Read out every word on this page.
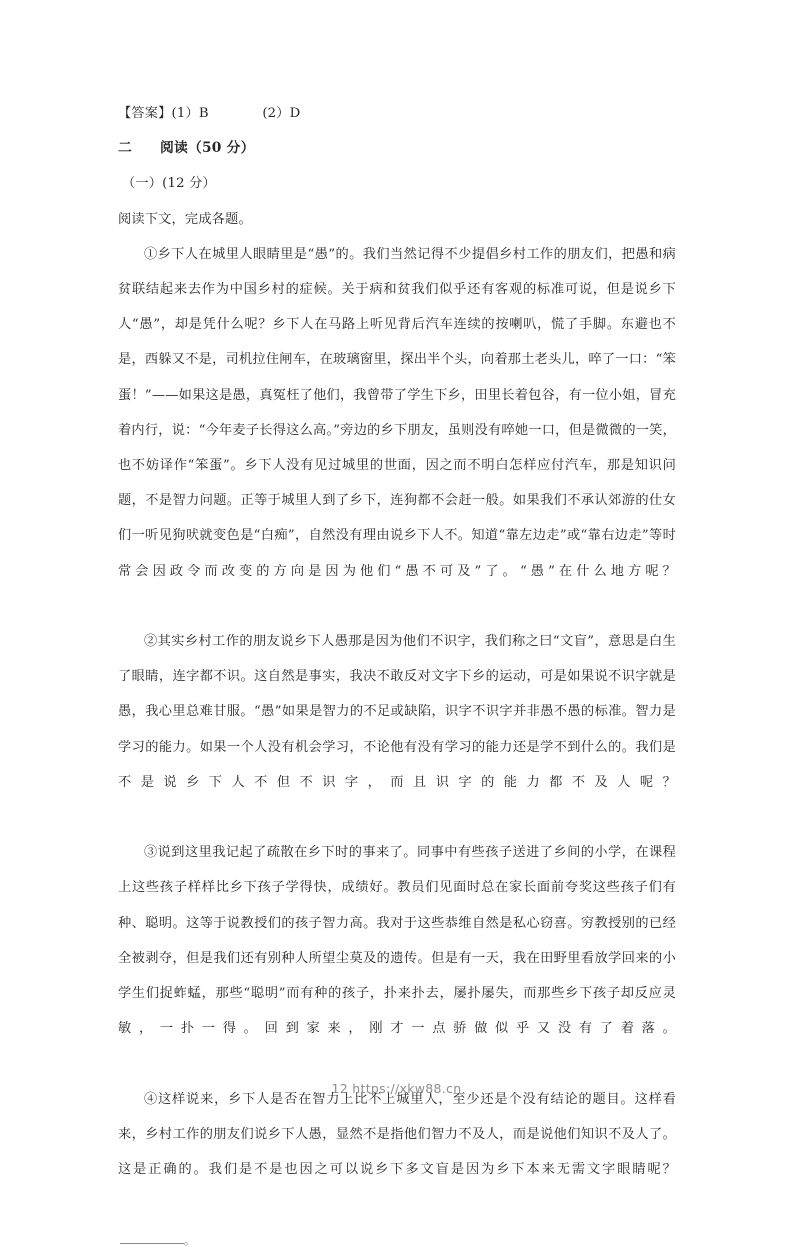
【答案】(1）B　　　　(2）D
二　　阅读（50 分）
（一）(12 分）
阅读下文，完成各题。

①乡下人在城里人眼睛里是“愚”的。我们当然记得不少提倡乡村工作的朋友们，把愚和病贫联结起来去作为中国乡村的症候。关于病和贫我们似乎还有客观的标准可说，但是说乡下人“愚”，却是凭什么呢？乡下人在马路上听见背后汽车连续的按喇叭，慌了手脚。东避也不是，西躲又不是，司机拉住闸车，在玻璃窗里，探出半个头，向着那土老头儿，啐了一口：“笨蛋！”——如果这是愚，真冤枉了他们，我曾带了学生下乡，田里长着包谷，有一位小姐，冒充着内行，说：“今年麦子长得这么高。”旁边的乡下朋友，虽则没有啐她一口，但是微微的一笑，也不妨译作“笨蛋”。乡下人没有见过城里的世面，因之而不明白怎样应付汽车，那是知识问题，不是智力问题。正等于城里人到了乡下，连狗都不会赶一般。如果我们不承认郊游的仕女们一听见狗吠就变色是“白痴”，自然没有理由说乡下人不。知道“靠左边走”或“靠右边走”等时常会因政令而改变的方向是因为他们“愚不可及”了。“愚”在什么地方呢？

②其实乡村工作的朋友说乡下人愚那是因为他们不识字，我们称之曰“文盲”，意思是白生了眼睛，连字都不识。这自然是事实，我决不敢反对文字下乡的运动，可是如果说不识字就是愚，我心里总难甘服。“愚”如果是智力的不足或缺陷，识字不识字并非愚不愚的标准。智力是学习的能力。如果一个人没有机会学习，不论他有没有学习的能力还是学不到什么的。我们是不是说乡下人不但不识字，而且识字的能力都不及人呢？

③说到这里我记起了疏散在乡下时的事来了。同事中有些孩子送进了乡间的小学，在课程上这些孩子样样比乡下孩子学得快，成绩好。教员们见面时总在家长面前夸奖这些孩子们有种、聪明。这等于说教授们的孩子智力高。我对于这些恭维自然是私心窃喜。穷教授别的已经全被剥夺，但是我们还有别种人所望尘莫及的遗传。但是有一天，我在田野里看放学回来的小学生们捉蚱蜢，那些“聪明”而有种的孩子，扑来扑去，屡扑屡失，而那些乡下孩子却反应灵敏，一扑一得。回到家来，刚才一点骄做似乎又没有了着落。

④这样说来，乡下人是否在智力上比不上城里人，至少还是个没有结论的题目。这样看来，乡村工作的朋友们说乡下人愚，显然不是指他们智力不及人，而是说他们知识不及人了。这是正确的。我们是不是也因之可以说乡下多文盲是因为乡下本来无需文字眼睛呢？

。
12 https://xkw88.cn
